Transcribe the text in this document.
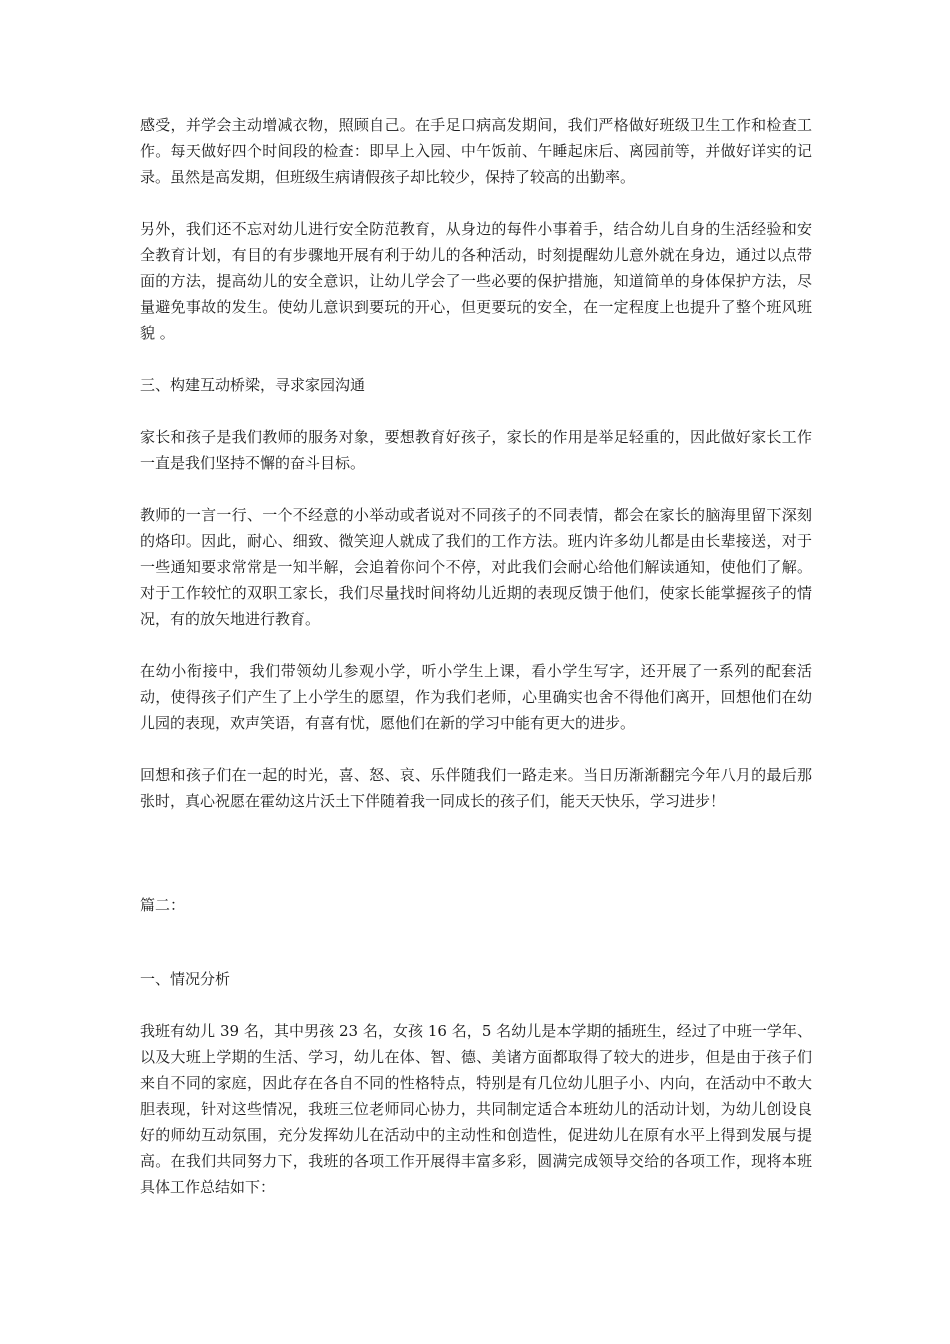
感受，并学会主动增减衣物，照顾自己。在手足口病高发期间，我们严格做好班级卫生工作和检查工作。每天做好四个时间段的检查：即早上入园、中午饭前、午睡起床后、离园前等，并做好详实的记录。虽然是高发期，但班级生病请假孩子却比较少，保持了较高的出勤率。

另外，我们还不忘对幼儿进行安全防范教育，从身边的每件小事着手，结合幼儿自身的生活经验和安全教育计划，有目的有步骤地开展有利于幼儿的各种活动，时刻提醒幼儿意外就在身边，通过以点带面的方法，提高幼儿的安全意识，让幼儿学会了一些必要的保护措施，知道简单的身体保护方法，尽量避免事故的发生。使幼儿意识到要玩的开心，但更要玩的安全，在一定程度上也提升了整个班风班貌 。

三、构建互动桥梁，寻求家园沟通

家长和孩子是我们教师的服务对象，要想教育好孩子，家长的作用是举足轻重的，因此做好家长工作一直是我们坚持不懈的奋斗目标。

教师的一言一行、一个不经意的小举动或者说对不同孩子的不同表情，都会在家长的脑海里留下深刻的烙印。因此，耐心、细致、微笑迎人就成了我们的工作方法。班内许多幼儿都是由长辈接送，对于一些通知要求常常是一知半解，会追着你问个不停，对此我们会耐心给他们解读通知，使他们了解。对于工作较忙的双职工家长，我们尽量找时间将幼儿近期的表现反馈于他们，使家长能掌握孩子的情况，有的放矢地进行教育。

在幼小衔接中，我们带领幼儿参观小学，听小学生上课，看小学生写字，还开展了一系列的配套活动，使得孩子们产生了上小学生的愿望，作为我们老师，心里确实也舍不得他们离开，回想他们在幼儿园的表现，欢声笑语，有喜有忧，愿他们在新的学习中能有更大的进步。

回想和孩子们在一起的时光，喜、怒、哀、乐伴随我们一路走来。当日历渐渐翻完今年八月的最后那张时，真心祝愿在霍幼这片沃土下伴随着我一同成长的孩子们，能天天快乐，学习进步！

篇二：

一、情况分析

我班有幼儿 39 名，其中男孩 23 名，女孩 16 名，5 名幼儿是本学期的插班生，经过了中班一学年、以及大班上学期的生活、学习，幼儿在体、智、德、美诸方面都取得了较大的进步，但是由于孩子们来自不同的家庭，因此存在各自不同的性格特点，特别是有几位幼儿胆子小、内向，在活动中不敢大胆表现，针对这些情况，我班三位老师同心协力，共同制定适合本班幼儿的活动计划，为幼儿创设良好的师幼互动氛围，充分发挥幼儿在活动中的主动性和创造性，促进幼儿在原有水平上得到发展与提高。在我们共同努力下，我班的各项工作开展得丰富多彩，圆满完成领导交给的各项工作，现将本班具体工作总结如下：
